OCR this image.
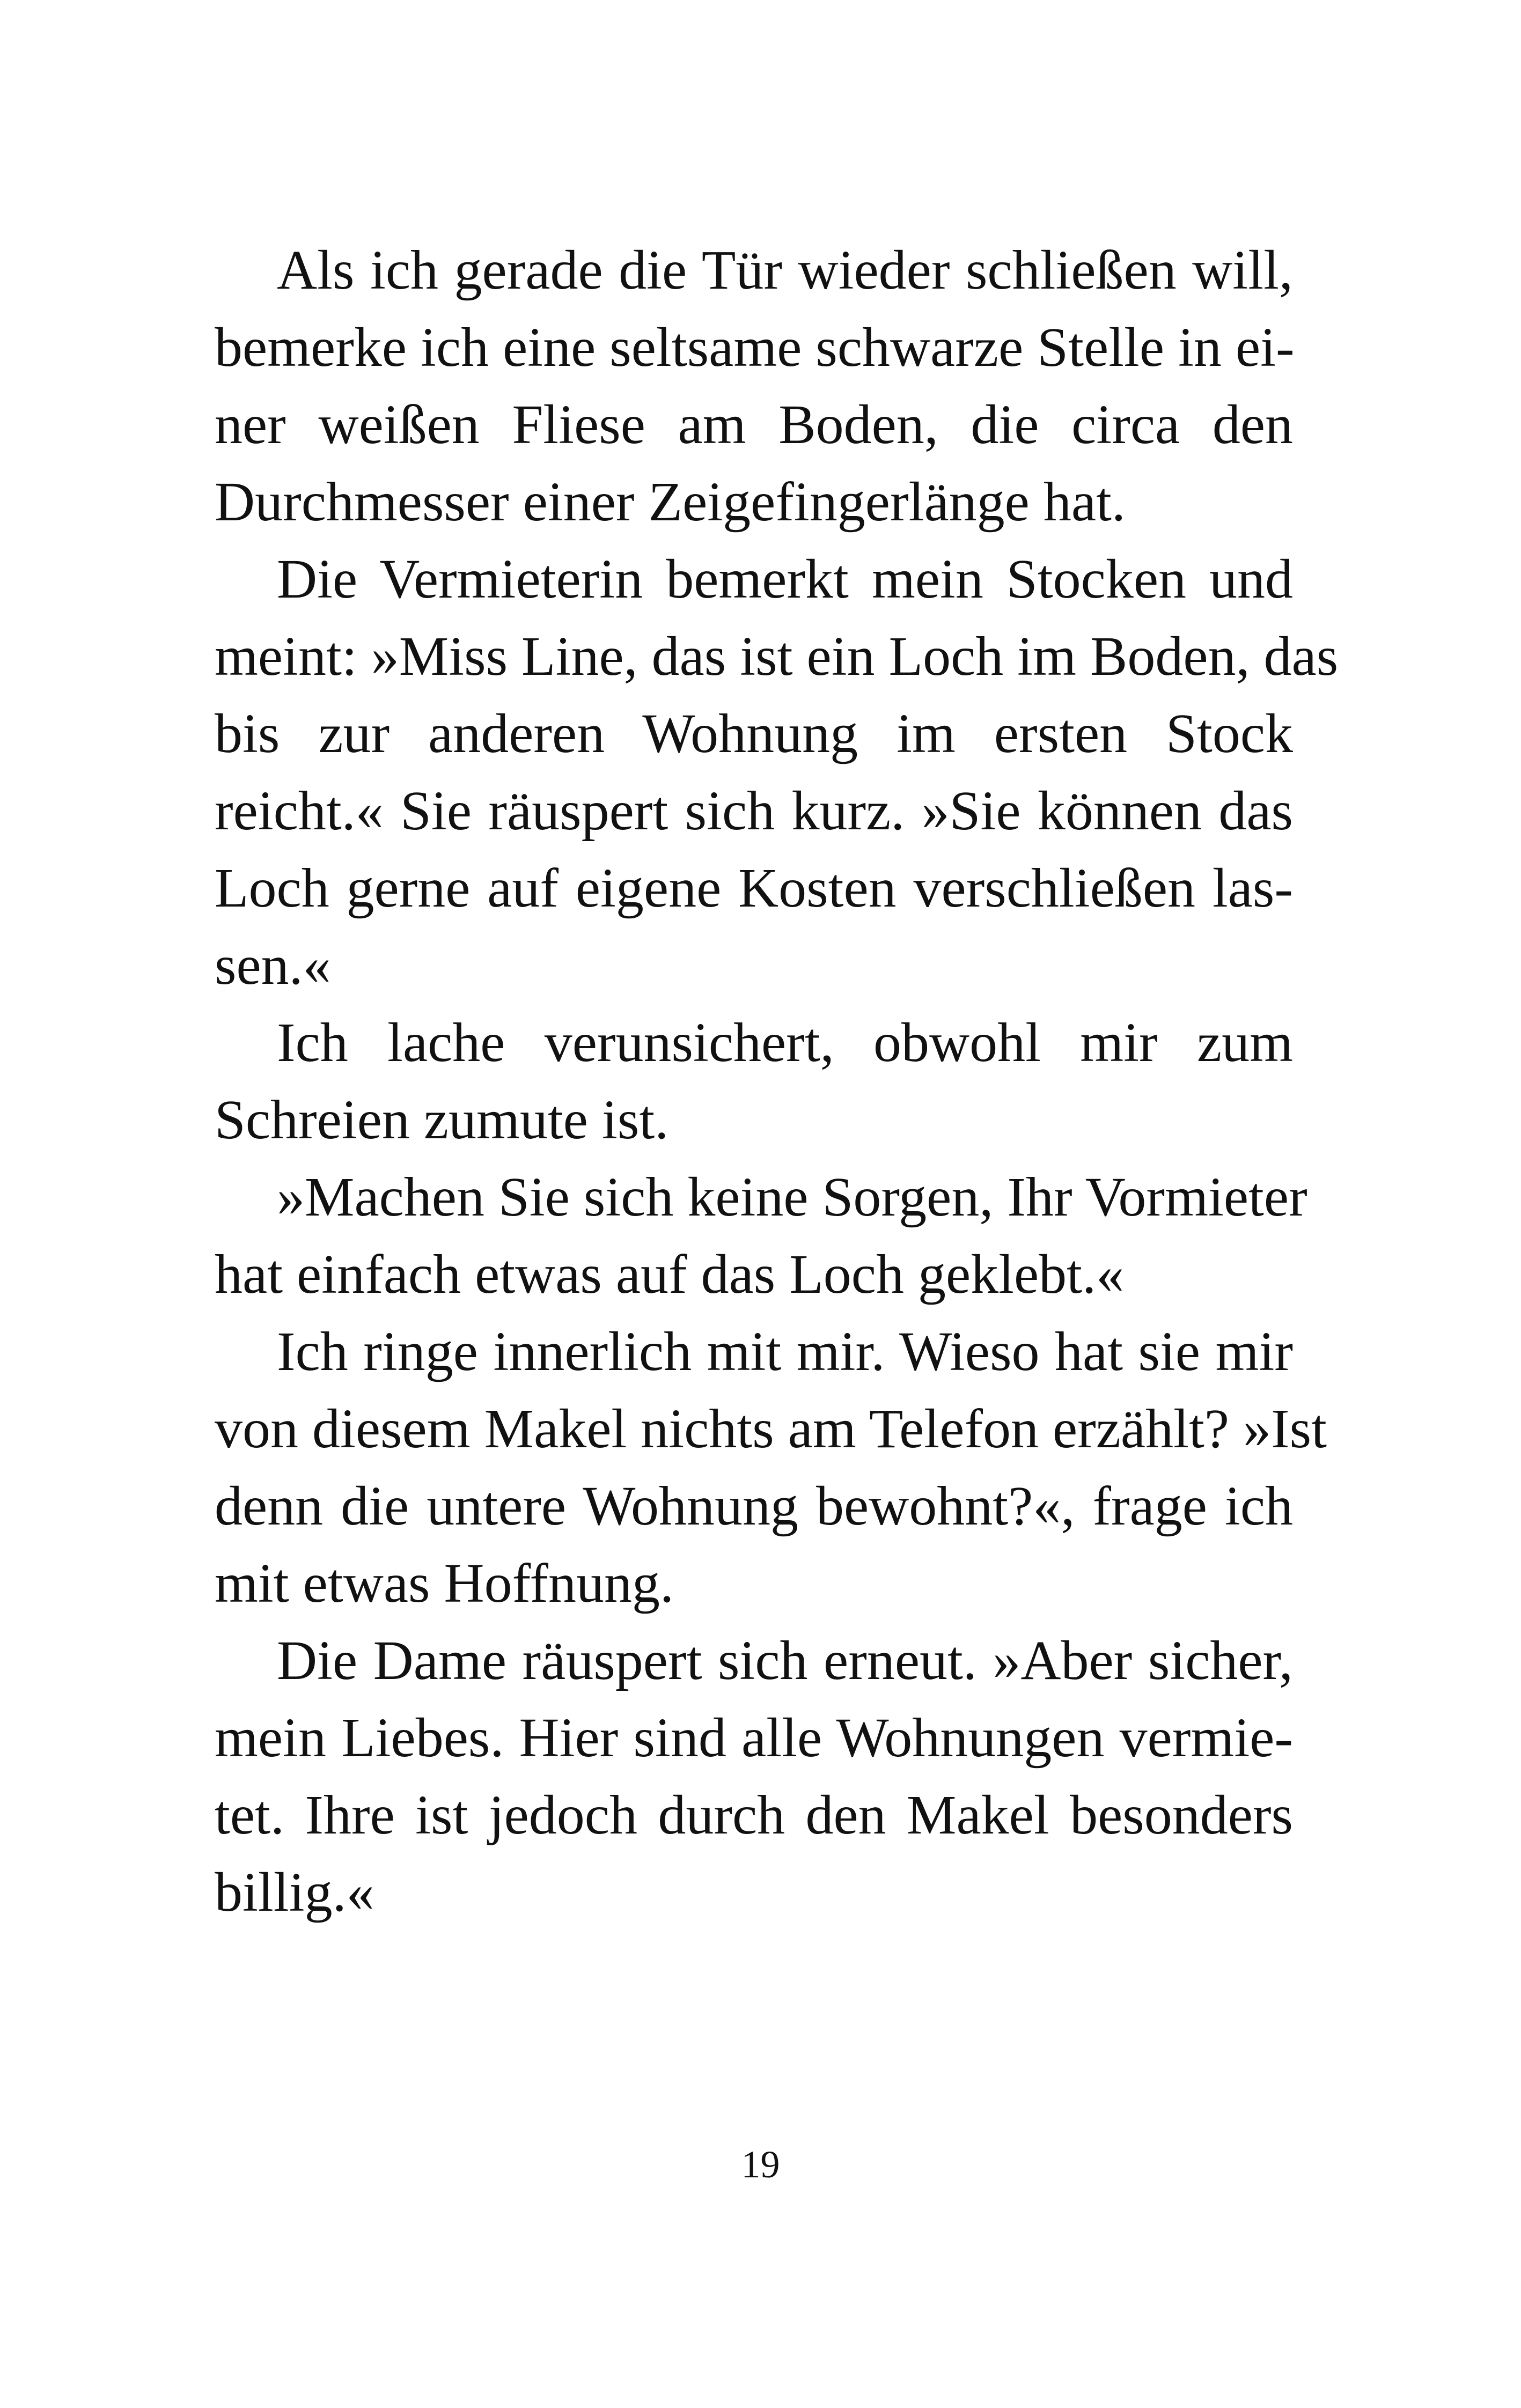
Als ich gerade die Tür wieder schließen will,
bemerke ich eine seltsame schwarze Stelle in ei-
ner weißen Fliese am Boden, die circa den
Durchmesser einer Zeigefingerlänge hat.
Die Vermieterin bemerkt mein Stocken und
meint: »Miss Line, das ist ein Loch im Boden, das
bis zur anderen Wohnung im ersten Stock
reicht.« Sie räuspert sich kurz. »Sie können das
Loch gerne auf eigene Kosten verschließen las-
sen.«
Ich lache verunsichert, obwohl mir zum
Schreien zumute ist.
»Machen Sie sich keine Sorgen, Ihr Vormieter
hat einfach etwas auf das Loch geklebt.«
Ich ringe innerlich mit mir. Wieso hat sie mir
von diesem Makel nichts am Telefon erzählt? »Ist
denn die untere Wohnung bewohnt?«, frage ich
mit etwas Hoffnung.
Die Dame räuspert sich erneut. »Aber sicher,
mein Liebes. Hier sind alle Wohnungen vermie-
tet. Ihre ist jedoch durch den Makel besonders
billig.«
19
